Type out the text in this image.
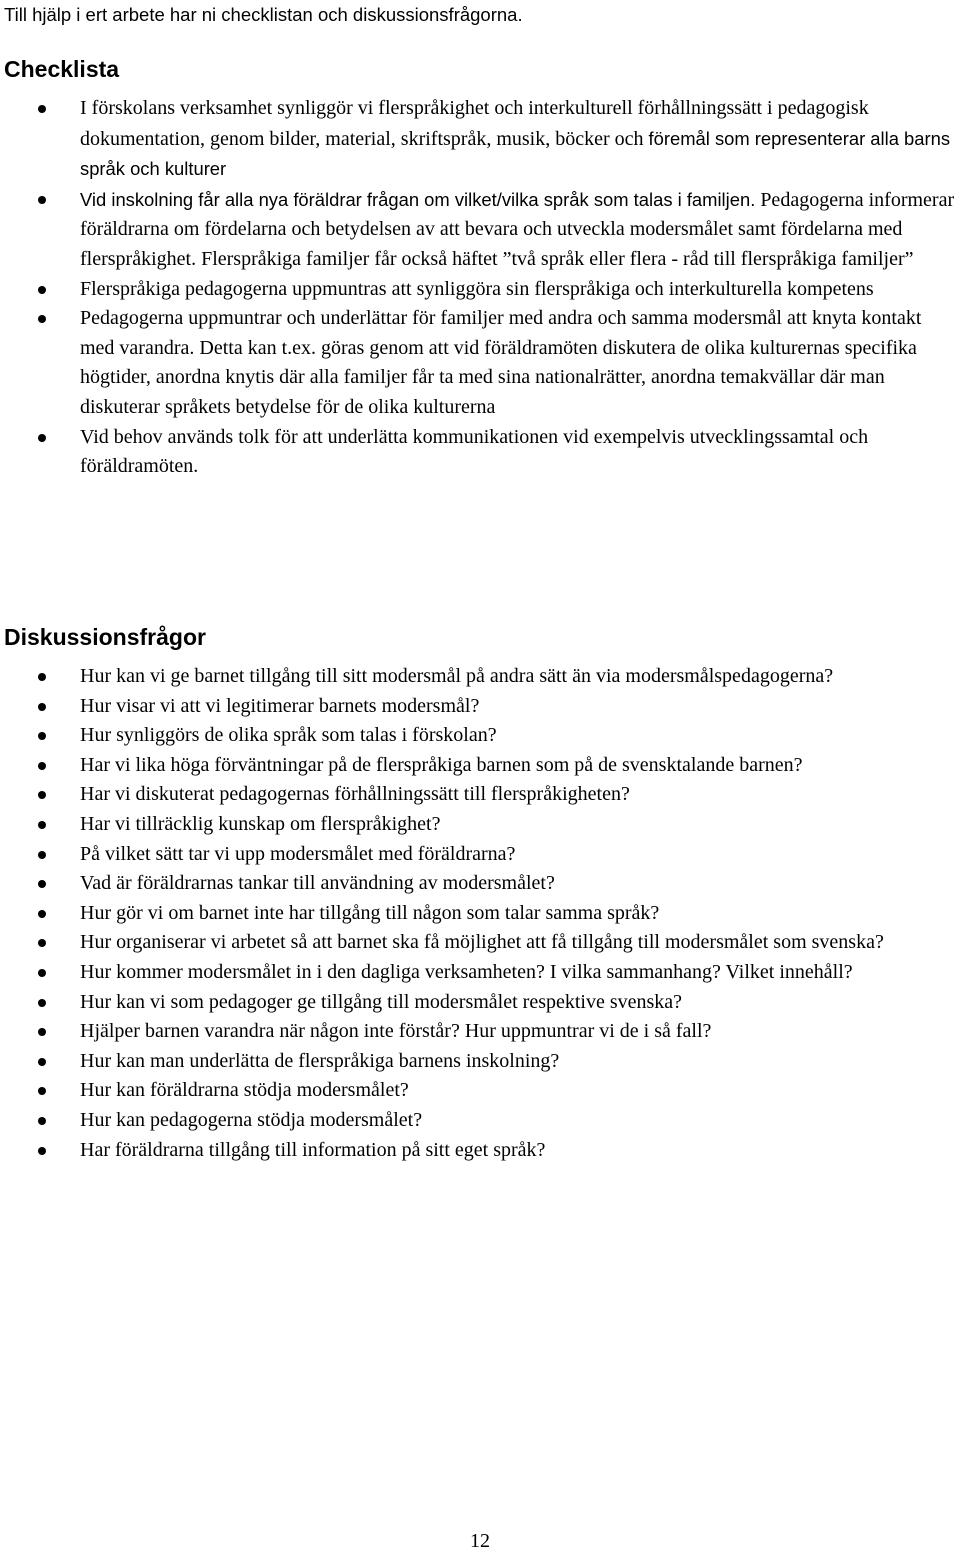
Till hjälp i ert arbete har ni checklistan och diskussionsfrågorna.
Checklista
I förskolans verksamhet synliggör vi flerspråkighet och interkulturell förhållningssätt i pedagogisk dokumentation, genom bilder, material, skriftspråk, musik, böcker och föremål som representerar alla barns språk och kulturer
Vid inskolning får alla nya föräldrar frågan om vilket/vilka språk som talas i familjen. Pedagogerna informerar föräldrarna om fördelarna och betydelsen av att bevara och utveckla modersmålet samt fördelarna med flerspråkighet. Flerspråkiga familjer får också häftet ”två språk eller flera - råd till flerspråkiga familjer”
Flerspråkiga pedagogerna uppmuntras att synliggöra sin flerspråkiga och interkulturella kompetens
Pedagogerna uppmuntrar och underlättar för familjer med andra och samma modersmål att knyta kontakt med varandra. Detta kan t.ex. göras genom att vid föräldramöten diskutera de olika kulturernas specifika högtider, anordna knytis där alla familjer får ta med sina nationalrätter, anordna temakvällar där man diskuterar språkets betydelse för de olika kulturerna
Vid behov används tolk för att underlätta kommunikationen vid exempelvis utvecklingssamtal och föräldramöten.
Diskussionsfrågor
Hur kan vi ge barnet tillgång till sitt modersmål på andra sätt än via modersmålspedagogerna?
Hur visar vi att vi legitimerar barnets modersmål?
Hur synliggörs de olika språk som talas i förskolan?
Har vi lika höga förväntningar på de flerspråkiga barnen som på de svensktalande barnen?
Har vi diskuterat pedagogernas förhållningssätt till flerspråkigheten?
Har vi tillräcklig kunskap om flerspråkighet?
På vilket sätt tar vi upp modersmålet med föräldrarna?
Vad är föräldrarnas tankar till användning av modersmålet?
Hur gör vi om barnet inte har tillgång till någon som talar samma språk?
Hur organiserar vi arbetet så att barnet ska få möjlighet att få tillgång till modersmålet som svenska?
Hur kommer modersmålet in i den dagliga verksamheten? I vilka sammanhang? Vilket innehåll?
Hur kan vi som pedagoger ge tillgång till modersmålet respektive svenska?
Hjälper barnen varandra när någon inte förstår? Hur uppmuntrar vi de i så fall?
Hur kan man underlätta de flerspråkiga barnens inskolning?
Hur kan föräldrarna stödja modersmålet?
Hur kan pedagogerna stödja modersmålet?
Har föräldrarna tillgång till information på sitt eget språk?
12
